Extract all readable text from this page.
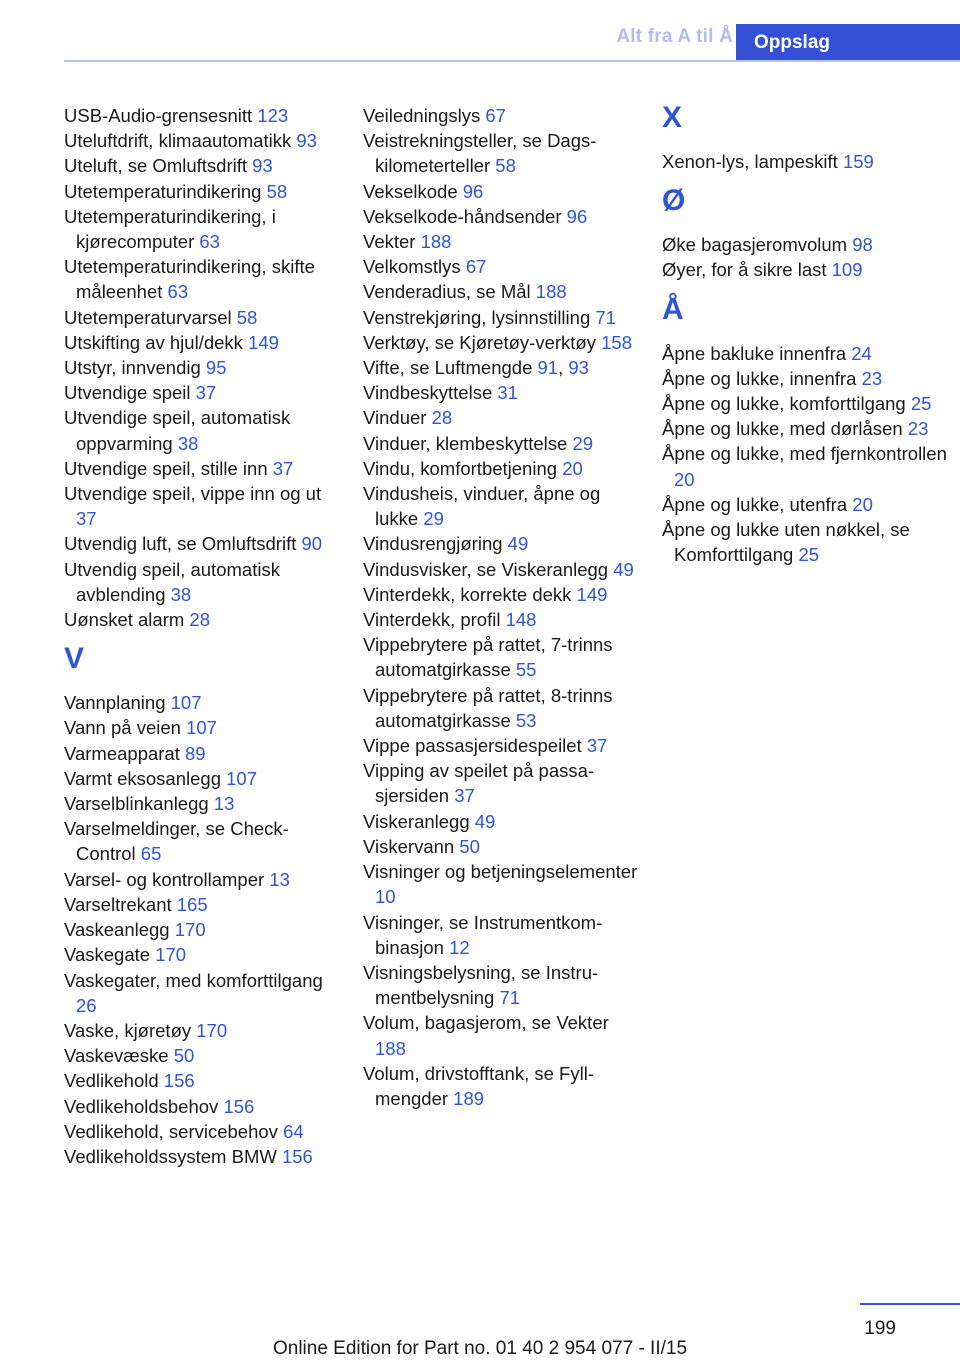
Alt fra A til Å	Oppslag

USB-Audio-grensesnitt 123

Uteluftdrift, klimaautomatikk 93

Uteluft, se Omluftsdrift 93

Utetemperaturindikering 58

Utetemperaturindikering, i kjørecomputer 63

Utetemperaturindikering, skifte måleenhet 63

Utetemperaturvarsel 58

Utskifting av hjul/dekk 149

Utstyr, innvendig 95

Utvendige speil 37

Utvendige speil, automatisk oppvarming 38

Utvendige speil, stille inn 37

Utvendige speil, vippe inn og ut 37

Utvendig luft, se Omluftsdrift 90

Utvendig speil, automatisk avblending 38

Uønsket alarm 28

V

Vannplaning 107

Vann på veien 107

Varmeapparat 89

Varmt eksosanlegg 107

Varselblinkanlegg 13

Varselmeldinger, se Check-Control 65

Varsel- og kontrollamper 13

Varseltrekant 165

Vaskeanlegg 170

Vaskegate 170

Vaskegater, med komforttilgang 26

Vaske, kjøretøy 170

Vaskevæske 50

Vedlikehold 156

Vedlikeholdsbehov 156

Vedlikehold, servicebehov 64

Vedlikeholdssystem BMW 156

Veiledningslys 67

Veistrekningsteller, se Dagskilometerteller 58

Vekselkode 96

Vekselkode-håndsender 96

Vekter 188

Velkomstlys 67

Venderadius, se Mål 188

Venstrekjøring, lysinnstilling 71

Verktøy, se Kjøretøy-verktøy 158

Vifte, se Luftmengde 91, 93

Vindbeskyttelse 31

Vinduer 28

Vinduer, klembeskyttelse 29

Vindu, komfortbetjening 20

Vindusheis, vinduer, åpne og lukke 29

Vindusrengjøring 49

Vindusvisker, se Viskeranlegg 49

Vinterdekk, korrekte dekk 149

Vinterdekk, profil 148

Vippebrytere på rattet, 7-trinns automatgirkasse 55

Vippebrytere på rattet, 8-trinns automatgirkasse 53

Vippe passasjersidespeilet 37

Vipping av speilet på passasjersiden 37

Viskeranlegg 49

Viskervann 50

Visninger og betjeningselementer 10

Visninger, se Instrumentkombinasjon 12

Visningsbelysning, se Instrumentbelysning 71

Volum, bagasjerom, se Vekter 188

Volum, drivstofftank, se Fyllmengder 189

X

Xenon-lys, lampeskift 159

Ø

Øke bagasjeromvolum 98

Øyer, for å sikre last 109

Å

Åpne bakluke innenfra 24

Åpne og lukke, innenfra 23

Åpne og lukke, komforttilgang 25

Åpne og lukke, med dørlåsen 23

Åpne og lukke, med fjernkontrollen 20

Åpne og lukke, utenfra 20

Åpne og lukke uten nøkkel, se Komforttilgang 25

199
Online Edition for Part no. 01 40 2 954 077 - II/15
